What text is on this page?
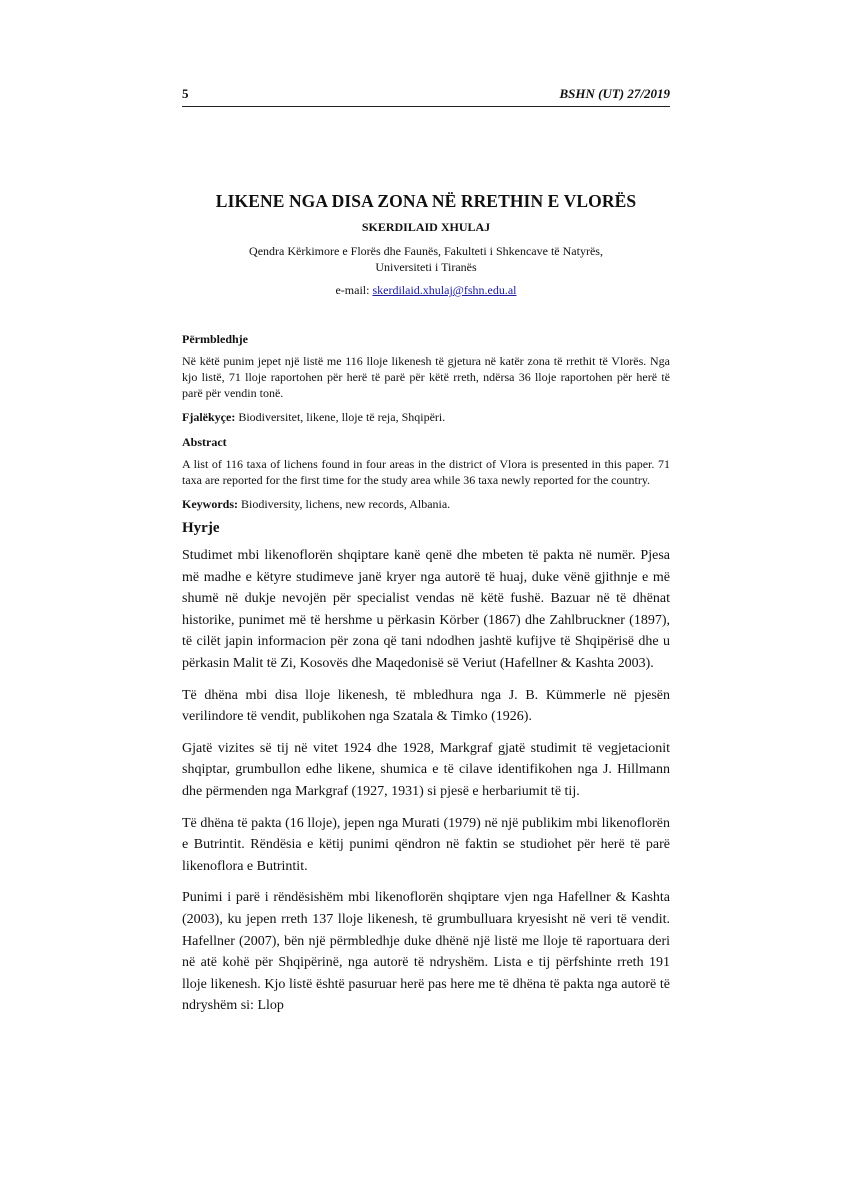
5	BSHN (UT) 27/2019
LIKENE NGA DISA ZONA NË RRETHIN E VLORËS
SKERDILAID XHULAJ
Qendra Kërkimore e Florës dhe Faunës, Fakulteti i Shkencave të Natyrës,
Universiteti i Tiranës
e-mail: skerdilaid.xhulaj@fshn.edu.al
Përmbledhje
Në këtë punim jepet një listë me 116 lloje likenesh të gjetura në katër zona të rrethit të Vlorës. Nga kjo listë, 71 lloje raportohen për herë të parë për këtë rreth, ndërsa 36 lloje raportohen për herë të parë për vendin tonë.
Fjalëkyçe: Biodiversitet, likene, lloje të reja, Shqipëri.
Abstract
A list of 116 taxa of lichens found in four areas in the district of Vlora is presented in this paper. 71 taxa are reported for the first time for the study area while 36 taxa newly reported for the country.
Keywords: Biodiversity, lichens, new records, Albania.
Hyrje
Studimet mbi likenoflorën shqiptare kanë qenë dhe mbeten të pakta në numër. Pjesa më madhe e këtyre studimeve janë kryer nga autorë të huaj, duke vënë gjithnje e më shumë në dukje nevojën për specialist vendas në këtë fushë. Bazuar në të dhënat historike, punimet më të hershme u përkasin Körber (1867) dhe Zahlbruckner (1897), të cilët japin informacion për zona që tani ndodhen jashtë kufijve të Shqipërisë dhe u përkasin Malit të Zi, Kosovës dhe Maqedonisë së Veriut (Hafellner & Kashta 2003).
Të dhëna mbi disa lloje likenesh, të mbledhura nga J. B. Kümmerle në pjesën verilindore të vendit, publikohen nga Szatala & Timko (1926).
Gjatë vizites së tij në vitet 1924 dhe 1928, Markgraf gjatë studimit të vegjetacionit shqiptar, grumbullon edhe likene, shumica e të cilave identifikohen nga J. Hillmann dhe përmenden nga Markgraf (1927, 1931) si pjesë e herbariumit të tij.
Të dhëna të pakta (16 lloje), jepen nga Murati (1979) në një publikim mbi likenoflorën e Butrintit. Rëndësia e këtij punimi qëndron në faktin se studiohet për herë të parë likenoflora e Butrintit.
Punimi i parë i rëndësishëm mbi likenoflorën shqiptare vjen nga Hafellner & Kashta (2003), ku jepen rreth 137 lloje likenesh, të grumbulluara kryesisht në veri të vendit. Hafellner (2007), bën një përmbledhje duke dhënë një listë me lloje të raportuara deri në atë kohë për Shqipërinë, nga autorë të ndryshëm. Lista e tij përfshinte rreth 191 lloje likenesh. Kjo listë është pasuruar herë pas here me të dhëna të pakta nga autorë të ndryshëm si: Llop
